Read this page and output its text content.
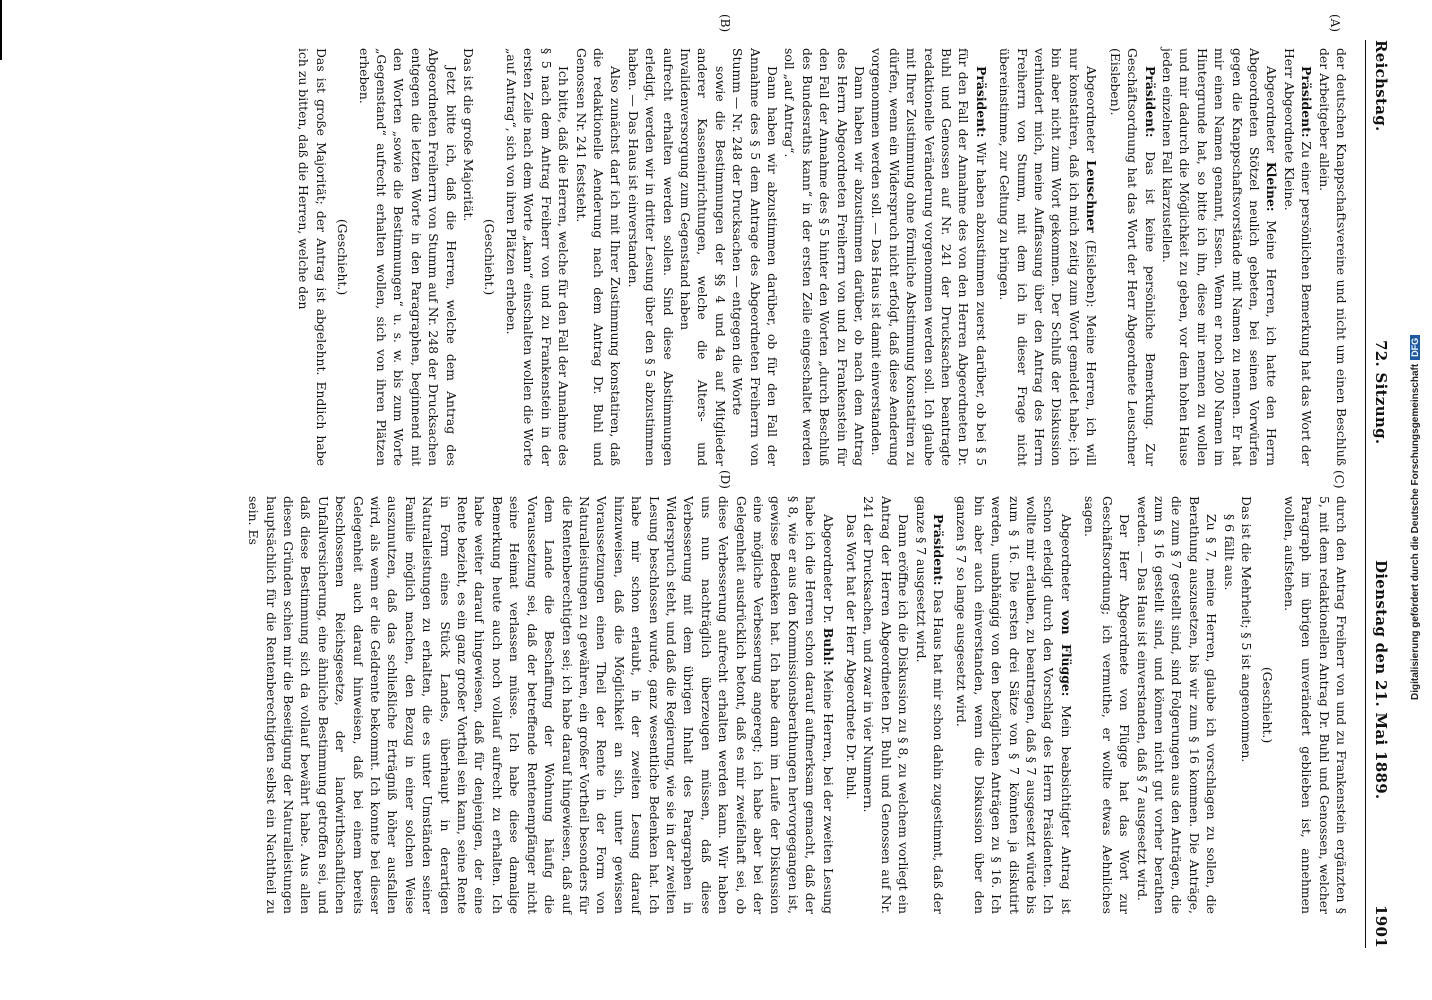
Reichstag.
72. Sitzung.
Dienstag den 21. Mai 1889.
1901
(A)
(B)
(C)
(D)

der deutschen Knappschaftsvereine und nicht um einen Beschluß der Arbeitgeber allein.

Präsident: Zu einer persönlichen Bemerkung hat das Wort der Herr Abgeordnete Kleine.

Abgeordneter Kleine: Meine Herren, ich hatte den Herrn Abgeordneten Stötzel neulich gebeten, bei seinen Vorwürfen gegen die Knappschaftsvorstände mit Namen zu nennen. Er hat mir einen Namen genannt, Essen. Wenn er noch 200 Namen im Hintergrunde hat, so bitte ich ihn, diese mir nennen zu wollen und mir dadurch die Möglichkeit zu geben, vor dem hohen Hause jeden einzelnen Fall klarzustellen.

Präsident: Das ist keine persönliche Bemerkung. Zur Geschäftsordnung hat das Wort der Herr Abgeordnete Leuschner (Eisleben).

Abgeordneter Leuschner (Eisleben): Meine Herren, ich will nur konstatiren, daß ich mich zeitig zum Wort gemeldet habe; ich bin aber nicht zum Wort gekommen. Der Schluß der Diskussion verhindert mich, meine Auffassung über den Antrag des Herrn Freiherrn von Stumm, mit dem ich in dieser Frage nicht übereinstimme, zur Geltung zu bringen.

Präsident: Wir haben abzustimmen zuerst darüber, ob bei § 5 für den Fall der Annahme des von den Herren Abgeordneten Dr. Buhl und Genossen auf Nr. 241 der Drucksachen beantragte redaktionelle Veränderung vorgenommen werden soll. Ich glaube mit Ihrer Zustimmung ohne förmliche Abstimmung konstatiren zu dürfen, wenn ein Widerspruch nicht erfolgt, daß diese Aenderung vorgenommen werden soll. — Das Haus ist damit einverstanden.

Dann haben wir abzustimmen darüber, ob nach dem Antrag des Herrn Abgeordneten Freiherrn von und zu Frankenstein für den Fall der Annahme des § 5 hinter den Worten „durch Beschluß des Bundesraths kann“ in der ersten Zeile eingeschaltet werden soll „auf Antrag“.

Dann haben wir abzustimmen darüber, ob für den Fall der Annahme des § 5 dem Antrage des Abgeordneten Freiherrn von Stumm — Nr. 248 der Drucksachen — entgegen die Worte

sowie die Bestimmungen der §§ 4 und 4a auf Mitglieder anderer Kasseneinrichtungen, welche die Alters- und Invalidenversorgung zum Gegenstand haben

aufrecht erhalten werden sollen. Sind diese Abstimmungen erledigt, werden wir in dritter Lesung über den § 5 abzustimmen haben. — Das Haus ist einverstanden.

Also zunächst darf ich mit Ihrer Zustimmung konstatiren, daß die redaktionelle Aenderung nach dem Antrag Dr. Buhl und Genossen Nr. 241 feststeht.

Ich bitte, daß die Herren, welche für den Fall der Annahme des § 5 nach dem Antrag Freiherr von und zu Frankenstein in der ersten Zeile nach dem Worte „kann“ einschalten wollen die Worte „auf Antrag“, sich von ihren Plätzen erheben.

(Geschieht.)

Das ist die große Majorität.

Jetzt bitte ich, daß die Herren, welche dem Antrag des Abgeordneten Freiherrn von Stumm auf Nr. 248 der Drucksachen entgegen die letzten Worte in den Paragraphen, beginnend mit den Worten „sowie die Bestimmungen“ u. s. w. bis zum Worte „Gegenstand“ aufrecht erhalten wollen, sich von ihren Plätzen erheben.

(Geschieht.)

Das ist große Majorität; der Antrag ist abgelehnt. Endlich habe ich zu bitten, daß die Herren, welche den

durch den Antrag Freiherr von und zu Frankenstein ergänzten § 5, mit dem redaktionellen Antrag Dr. Buhl und Genossen, welcher Paragraph im übrigen unverändert geblieben ist, annehmen wollen, aufstehen.

(Geschieht.)

Das ist die Mehrheit; § 5 ist angenommen.

§ 6 fällt aus.

Zu § 7, meine Herren, glaube ich vorschlagen zu sollen, die Berathung auszusetzen, bis wir zum § 16 kommen. Die Anträge, die zum § 7 gestellt sind, sind Folgerungen aus den Anträgen, die zum § 16 gestellt sind, und können nicht gut vorher berathen werden. — Das Haus ist einverstanden, daß § 7 ausgesetzt wird.

Der Herr Abgeordnete von Flügge hat das Wort zur Geschäftsordnung; ich vermuthe, er wollte etwas Aehnliches sagen.

Abgeordneter von Flügge: Mein beabsichtigter Antrag ist schon erledigt durch den Vorschlag des Herrn Präsidenten. Ich wollte mir erlauben, zu beantragen, daß § 7 ausgesetzt würde bis zum § 16. Die ersten drei Sätze von § 7 könnten ja diskutirt werden, unabhängig von den bezüglichen Anträgen zu § 16. Ich bin aber auch einverstanden, wenn die Diskussion über den ganzen § 7 so lange ausgesetzt wird.

Präsident: Das Haus hat mir schon dahin zugestimmt, daß der ganze § 7 ausgesetzt wird.

Dann eröffne ich die Diskussion zu § 8, zu welchem vorliegt ein Antrag der Herren Abgeordneten Dr. Buhl und Genossen auf Nr. 241 der Drucksachen, und zwar in vier Nummern.

Das Wort hat der Herr Abgeordnete Dr. Buhl.

Abgeordneter Dr. Buhl: Meine Herren, bei der zweiten Lesung habe ich die Herren schon darauf aufmerksam gemacht, daß der § 8, wie er aus den Kommissionsberathungen hervorgegangen ist, gewisse Bedenken hat. Ich habe dann im Laufe der Diskussion eine mögliche Verbesserung angeregt; ich habe aber bei der Gelegenheit ausdrücklich betont, daß es mir zweifelhaft sei, ob diese Verbesserung aufrecht erhalten werden kann. Wir haben uns nun nachträglich überzeugen müssen, daß diese Verbesserung mit dem übrigen Inhalt des Paragraphen in Widerspruch steht, und daß die Regierung, wie sie in der zweiten Lesung beschlossen wurde, ganz wesentliche Bedenken hat. Ich habe mir schon erlaubt, in der zweiten Lesung darauf hinzuweisen, daß die Möglichkeit an sich, unter gewissen Voraussetzungen einen Theil der Rente in der Form von Naturalleistungen zu gewähren, ein großer Vortheil besonders für die Rentenberechtigten sei; ich habe darauf hingewiesen, daß auf dem Lande die Beschaffung der Wohnung häufig die Voraussetzung sei, daß der betreffende Rentenempfänger nicht seine Heimat verlassen müsse. Ich habe diese damalige Bemerkung heute auch noch vollauf aufrecht zu erhalten. Ich habe weiter darauf hingewiesen, daß für denjenigen, der eine Rente bezieht, es ein ganz großer Vortheil sein kann, seine Rente in Form eines Stück Landes, überhaupt in derartigen Naturalleistungen zu erhalten, die es unter Umständen seiner Familie möglich machen, den Bezug in einer solchen Weise auszunutzen, daß das schließliche Erträgniß höher ausfallen wird, als wenn er die Geldrente bekommt. Ich konnte bei dieser Gelegenheit auch darauf hinweisen, daß bei einem bereits beschlossenen Reichsgesetze, der landwirthschaftlichen Unfallversicherung, eine ähnliche Bestimmung getroffen sei, und daß diese Bestimmung sich da vollauf bewährt habe. Aus allen diesen Gründen schien mir die Beseitigung der Naturalleistungen hauptsächlich für die Rentenberechtigten selbst ein Nachtheil zu sein. Es	Digitalisierung gefördert durch die Deutsche ForschungsgemeinschaftDFG
